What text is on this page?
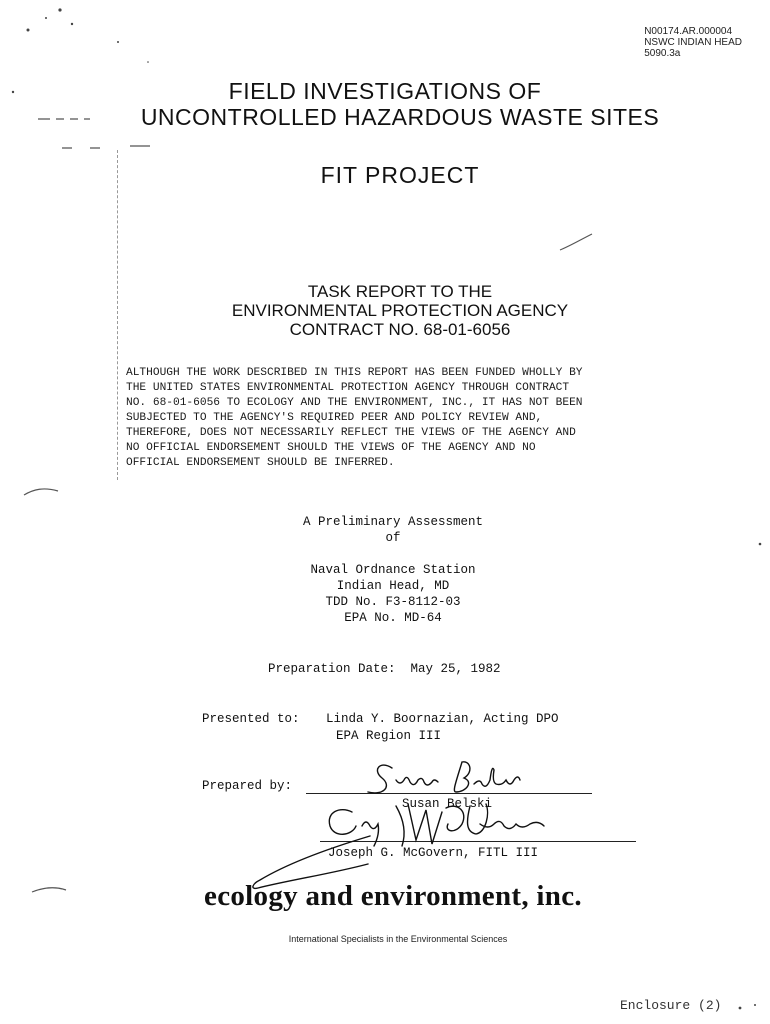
N00174.AR.000004
NSWC INDIAN HEAD
5090.3a
FIELD INVESTIGATIONS OF
UNCONTROLLED HAZARDOUS WASTE SITES
FIT PROJECT
TASK REPORT TO THE
ENVIRONMENTAL PROTECTION AGENCY
CONTRACT NO. 68-01-6056
ALTHOUGH THE WORK DESCRIBED IN THIS REPORT HAS BEEN FUNDED WHOLLY BY
THE UNITED STATES ENVIRONMENTAL PROTECTION AGENCY THROUGH CONTRACT
NO. 68-01-6056 TO ECOLOGY AND THE ENVIRONMENT, INC., IT HAS NOT BEEN
SUBJECTED TO THE AGENCY'S REQUIRED PEER AND POLICY REVIEW AND,
THEREFORE, DOES NOT NECESSARILY REFLECT THE VIEWS OF THE AGENCY AND
NO OFFICIAL ENDORSEMENT SHOULD THE VIEWS OF THE AGENCY AND NO
OFFICIAL ENDORSEMENT SHOULD BE INFERRED.
A Preliminary Assessment
of
Naval Ordnance Station
Indian Head, MD
TDD No. F3-8112-03
EPA No. MD-64
Preparation Date:  May 25, 1982
Presented to: Linda Y. Boornazian, Acting DPO
EPA Region III
Prepared by:
Susan Belski
Joseph G. McGovern, FITL III
ecology and environment, inc.
International Specialists in the Environmental Sciences
Enclosure (2)
